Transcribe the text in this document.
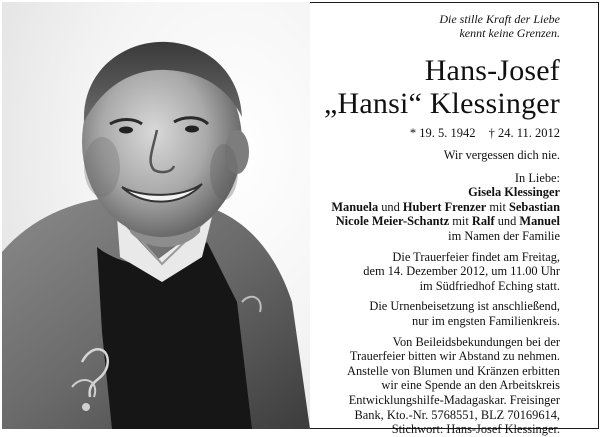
Die stille Kraft der Liebe

kennt keine Grenzen.

Hans-Josef

„Hansi“ Klessinger

* 19. 5. 1942 † 24. 11. 2012

Wir vergessen dich nie.

In Liebe:

Gisela Klessinger

Manuela und Hubert Frenzer mit Sebastian

Nicole Meier-Schantz mit Ralf und Manuel

im Namen der Familie

Die Trauerfeier findet am Freitag,

dem 14. Dezember 2012, um 11.00 Uhr

im Südfriedhof Eching statt.

Die Urnenbeisetzung ist anschließend,

nur im engsten Familienkreis.

Von Beileidsbekundungen bei der

Trauerfeier bitten wir Abstand zu nehmen.

Anstelle von Blumen und Kränzen erbitten

wir eine Spende an den Arbeitskreis

Entwicklungshilfe-Madagaskar. Freisinger

Bank, Kto.-Nr. 5768551, BLZ 70169614,

Stichwort: Hans-Josef Klessinger.
